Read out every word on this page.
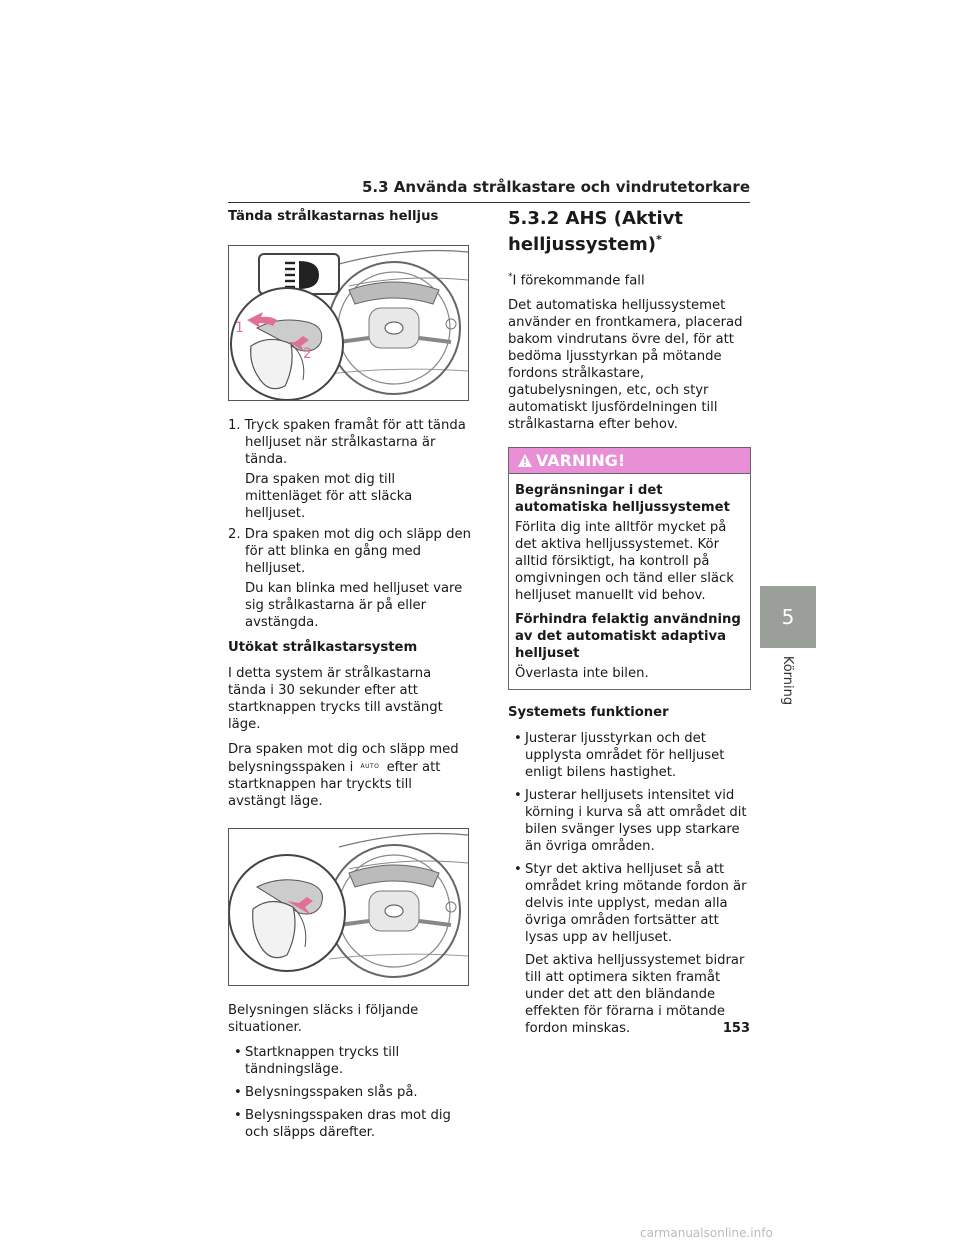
5.3 Använda strålkastare och vindrutetorkare
Tända strålkastarnas helljus
1
2
1. Tryck spaken framåt för att tända helljuset när strålkastarna är tända.
Dra spaken mot dig till mittenläget för att släcka helljuset.
2. Dra spaken mot dig och släpp den för att blinka en gång med helljuset.
Du kan blinka med helljuset vare sig strålkastarna är på eller avstängda.
Utökat strålkastarsystem

I detta system är strålkastarna tända i 30 sekunder efter att startknappen trycks till avstängt läge.

Dra spaken mot dig och släpp med belysningsspaken i AUTO efter att startknappen har tryckts till avstängt läge.

Belysningen släcks i följande situationer.

• Startknappen trycks till tändningsläge.
• Belysningsspaken slås på.
• Belysningsspaken dras mot dig och släpps därefter.
5.3.2 AHS (Aktivt helljussystem)*

*I förekommande fall

Det automatiska helljussystemet använder en frontkamera, placerad bakom vindrutans övre del, för att bedöma ljusstyrkan på mötande fordons strålkastare, gatubelysningen, etc, och styr automatiskt ljusfördelningen till strålkastarna efter behov.

VARNING!
Begränsningar i det automatiska helljussystemet

Förlita dig inte alltför mycket på det aktiva helljussystemet. Kör alltid försiktigt, ha kontroll på omgivningen och tänd eller släck helljuset manuellt vid behov.

Förhindra felaktig användning av det automatiskt adaptiva helljuset

Överlasta inte bilen.

Systemets funktioner
• Justerar ljusstyrkan och det upplysta området för helljuset enligt bilens hastighet.
• Justerar helljusets intensitet vid körning i kurva så att området dit bilen svänger lyses upp starkare än övriga områden.
• Styr det aktiva helljuset så att området kring mötande fordon är delvis inte upplyst, medan alla övriga områden fortsätter att lysas upp av helljuset.
Det aktiva helljussystemet bidrar till att optimera sikten framåt under det att den bländande effekten för förarna i mötande fordon minskas.
5
Körning
153
carmanualsonline.info
